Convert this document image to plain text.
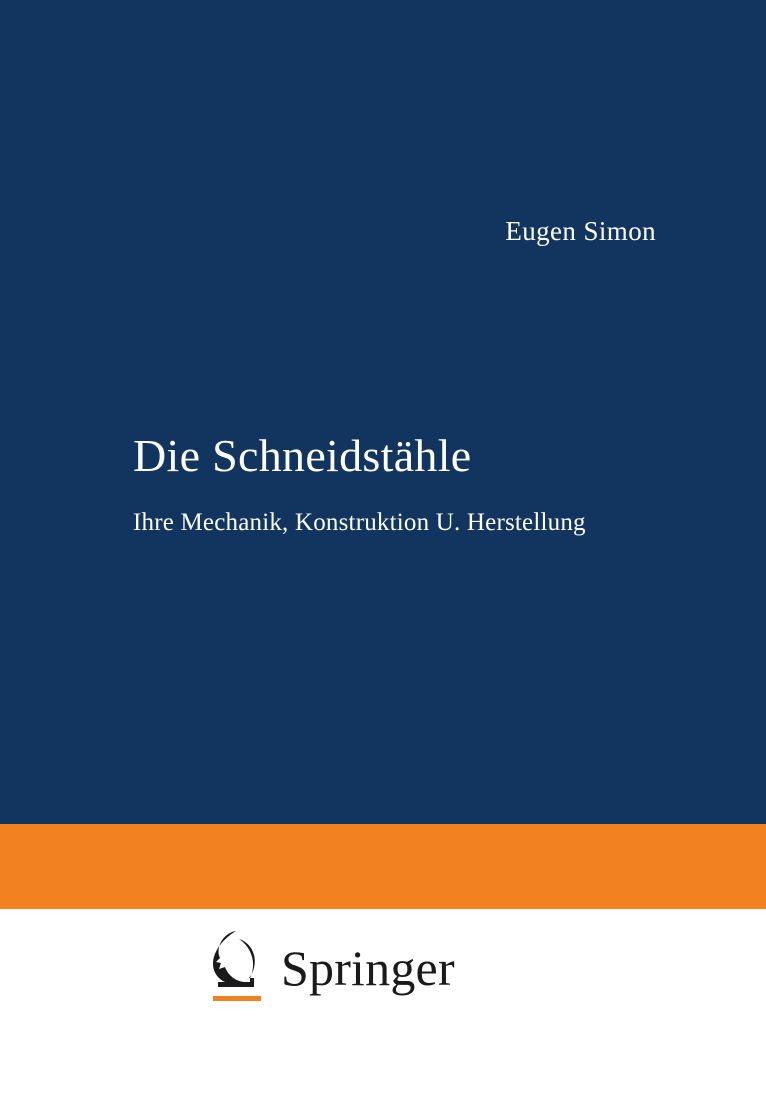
Eugen Simon
Die Schneidstähle

Ihre Mechanik, Konstruktion U. Herstellung

Springer
